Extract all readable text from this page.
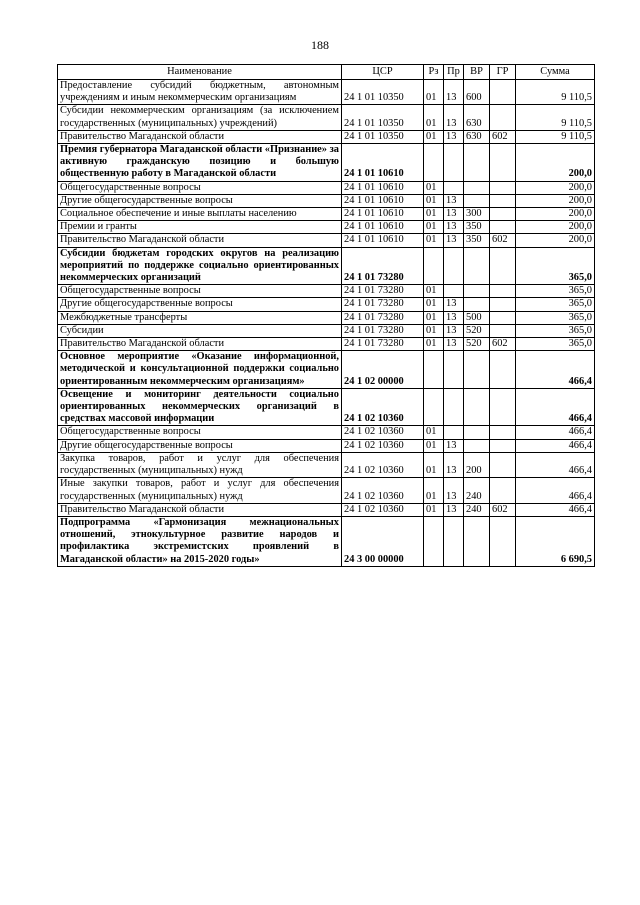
188
Наименование	ЦСР	Рз	Пр	ВР	ГР	Сумма
Предоставление субсидий бюджетным, автономным учреждениям и иным некоммерческим организациям	24 1 01 10350	01	13	600		9 110,5
Субсидии некоммерческим организациям (за исключением государственных (муниципальных) учреждений)	24 1 01 10350	01	13	630		9 110,5
Правительство Магаданской области	24 1 01 10350	01	13	630	602	9 110,5
Премия губернатора Магаданской области «Признание» за активную гражданскую позицию и большую общественную работу в Магаданской области	24 1 01 10610					200,0
Общегосударственные вопросы	24 1 01 10610	01				200,0
Другие общегосударственные вопросы	24 1 01 10610	01	13			200,0
Социальное обеспечение и иные выплаты населению	24 1 01 10610	01	13	300		200,0
Премии и гранты	24 1 01 10610	01	13	350		200,0
Правительство Магаданской области	24 1 01 10610	01	13	350	602	200,0
Субсидии бюджетам городских округов на реализацию мероприятий по поддержке социально ориентированных некоммерческих организаций	24 1 01 73280					365,0
Общегосударственные вопросы	24 1 01 73280	01				365,0
Другие общегосударственные вопросы	24 1 01 73280	01	13			365,0
Межбюджетные трансферты	24 1 01 73280	01	13	500		365,0
Субсидии	24 1 01 73280	01	13	520		365,0
Правительство Магаданской области	24 1 01 73280	01	13	520	602	365,0
Основное мероприятие «Оказание информационной, методической и консультационной поддержки социально ориентированным некоммерческим организациям»	24 1 02 00000					466,4
Освещение и мониторинг деятельности социально ориентированных некоммерческих организаций в средствах массовой информации	24 1 02 10360					466,4
Общегосударственные вопросы	24 1 02 10360	01				466,4
Другие общегосударственные вопросы	24 1 02 10360	01	13			466,4
Закупка товаров, работ и услуг для обеспечения государственных (муниципальных) нужд	24 1 02 10360	01	13	200		466,4
Иные закупки товаров, работ и услуг для обеспечения государственных (муниципальных) нужд	24 1 02 10360	01	13	240		466,4
Правительство Магаданской области	24 1 02 10360	01	13	240	602	466,4
Подпрограмма «Гармонизация межнациональных отношений, этнокультурное развитие народов и профилактика экстремистских проявлений в Магаданской области» на 2015-2020 годы»	24 3 00 00000					6 690,5
